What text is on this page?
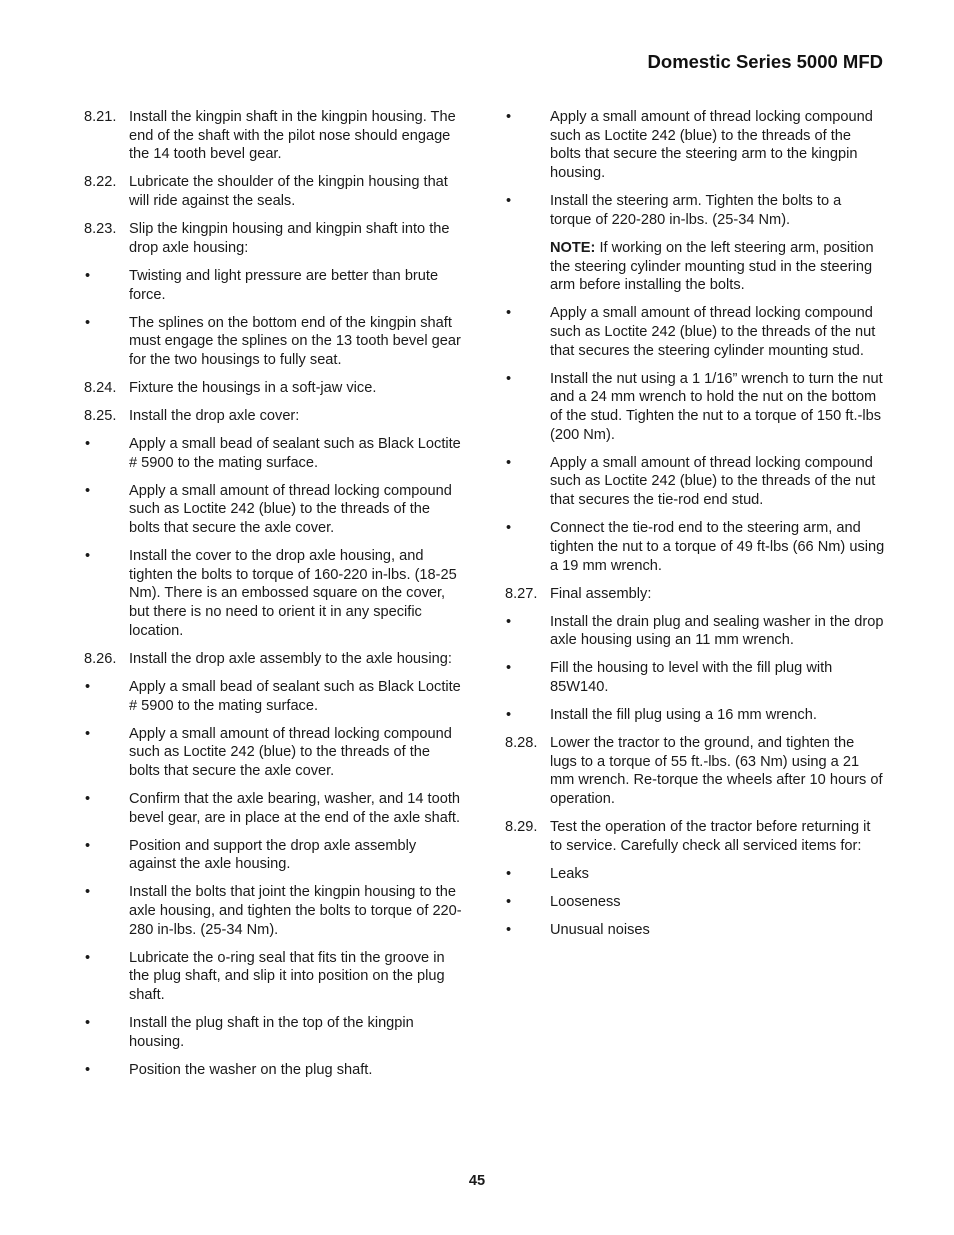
Domestic Series 5000 MFD
8.21. Install the kingpin shaft in the kingpin housing. The end of the shaft with the pilot nose should engage the 14 tooth bevel gear.
8.22. Lubricate the shoulder of the kingpin housing that will ride against the seals.
8.23. Slip the kingpin housing and kingpin shaft into the drop axle housing:
•	Twisting and light pressure are better than brute force.
•	The splines on the bottom end of the kingpin shaft must engage the splines on the 13 tooth bevel gear for the two housings to fully seat.
8.24. Fixture the housings in a soft-jaw vice.
8.25. Install the drop axle cover:
•	Apply a small bead of sealant such as Black Loctite # 5900 to the mating surface.
•	Apply a small amount of thread locking compound such as Loctite 242 (blue) to the threads of the bolts that secure the axle cover.
•	Install the cover to the drop axle housing, and tighten the bolts to torque of 160-220 in-lbs. (18-25 Nm). There is an embossed square on the cover, but there is no need to orient it in any specific location.
8.26. Install the drop axle assembly to the axle housing:
•	Apply a small bead of sealant such as Black Loctite # 5900 to the mating surface.
•	Apply a small amount of thread locking compound such as Loctite 242 (blue) to the threads of the bolts that secure the axle cover.
•	Confirm that the axle bearing, washer, and 14 tooth bevel gear, are in place at the end of the axle shaft.
•	Position and support the drop axle assembly against the axle housing.
•	Install the bolts that joint the kingpin housing to the axle housing, and tighten the bolts to torque of 220-280 in-lbs. (25-34 Nm).
•	Lubricate the o-ring seal that fits tin the groove in the plug shaft, and slip it into position on the plug shaft.
•	Install the plug shaft in the top of the kingpin housing.
•	Position the washer on the plug shaft.
•	Apply a small amount of thread locking compound such as Loctite 242 (blue) to the threads of the bolts that secure the steering arm to the kingpin housing.
•	Install the steering arm. Tighten the bolts to a torque of 220-280 in-lbs. (25-34 Nm).
NOTE: If working on the left steering arm, position the steering cylinder mounting stud in the steering arm before installing the bolts.
•	Apply a small amount of thread locking compound such as Loctite 242 (blue) to the threads of the nut that secures the steering cylinder mounting stud.
•	Install the nut using a 1 1/16” wrench to turn the nut and a 24 mm wrench to hold the nut on the bottom of the stud. Tighten the nut to a torque of 150 ft.-lbs (200 Nm).
•	Apply a small amount of thread locking compound such as Loctite 242 (blue) to the threads of the nut that secures the tie-rod end stud.
•	Connect the tie-rod end to the steering arm, and tighten the nut to a torque of 49 ft-lbs (66 Nm) using a 19 mm wrench.
8.27. Final assembly:
•	Install the drain plug and sealing washer in the drop axle housing using an 11 mm wrench.
•	Fill the housing to level with the fill plug with 85W140.
•	Install the fill plug using a 16 mm wrench.
8.28. Lower the tractor to the ground, and tighten the lugs to a torque of 55 ft.-lbs. (63 Nm) using a 21 mm wrench. Re-torque the wheels after 10 hours of operation.
8.29. Test the operation of the tractor before returning it to service. Carefully check all serviced items for:
•	Leaks
•	Looseness
•	Unusual noises
45
